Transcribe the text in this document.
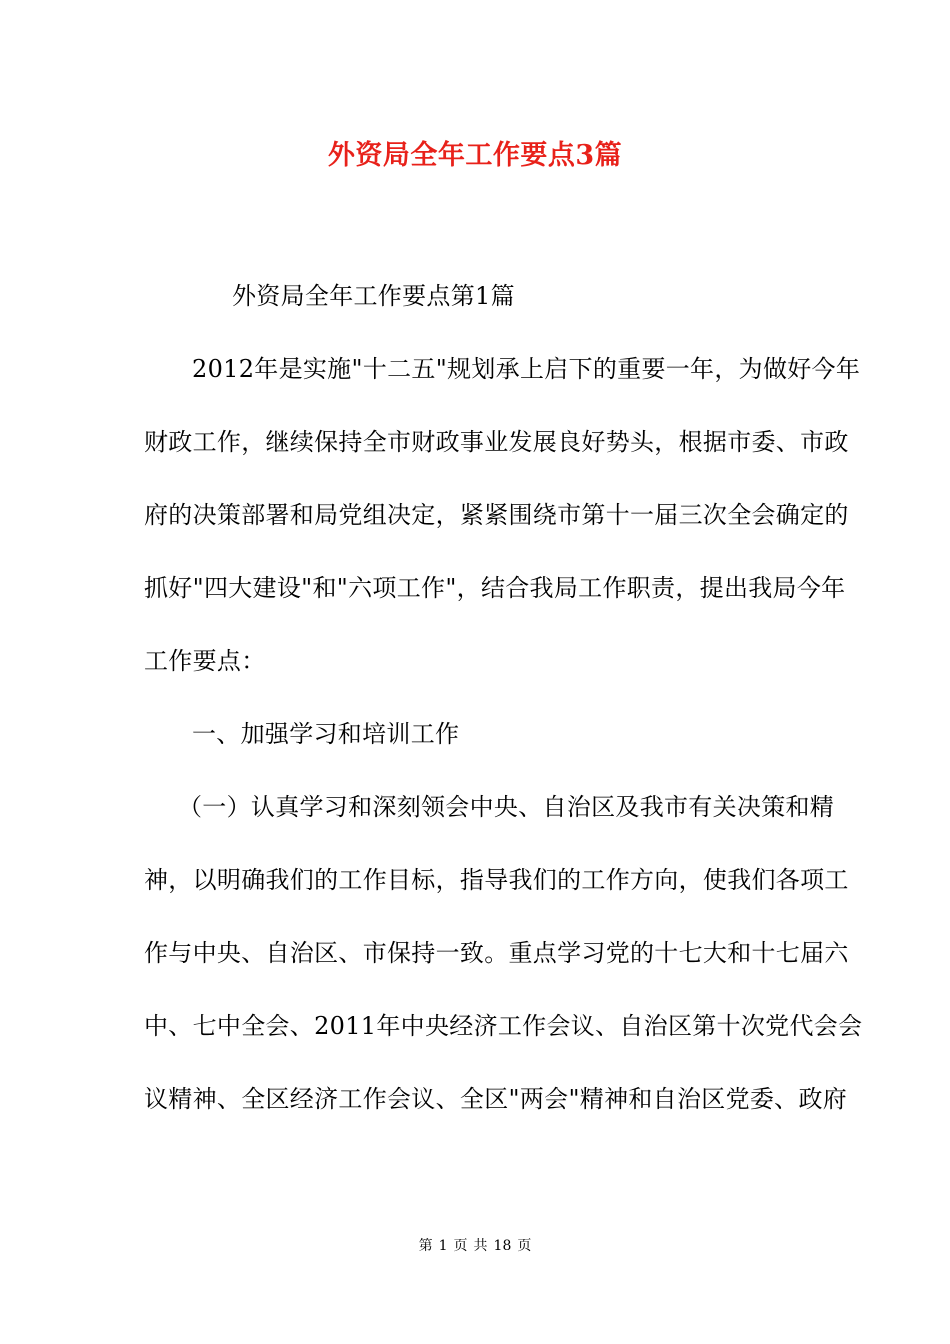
外资局全年工作要点3篇
外资局全年工作要点第1篇
2012年是实施"十二五"规划承上启下的重要一年，为做好今年
财政工作，继续保持全市财政事业发展良好势头，根据市委、市政
府的决策部署和局党组决定，紧紧围绕市第十一届三次全会确定的
抓好"四大建设"和"六项工作"，结合我局工作职责，提出我局今年
工作要点：
一、加强学习和培训工作
（一）认真学习和深刻领会中央、自治区及我市有关决策和精
神，以明确我们的工作目标，指导我们的工作方向，使我们各项工
作与中央、自治区、市保持一致。重点学习党的十七大和十七届六
中、七中全会、2011年中央经济工作会议、自治区第十次党代会会
议精神、全区经济工作会议、全区"两会"精神和自治区党委、政府
第 1 页 共 18 页
